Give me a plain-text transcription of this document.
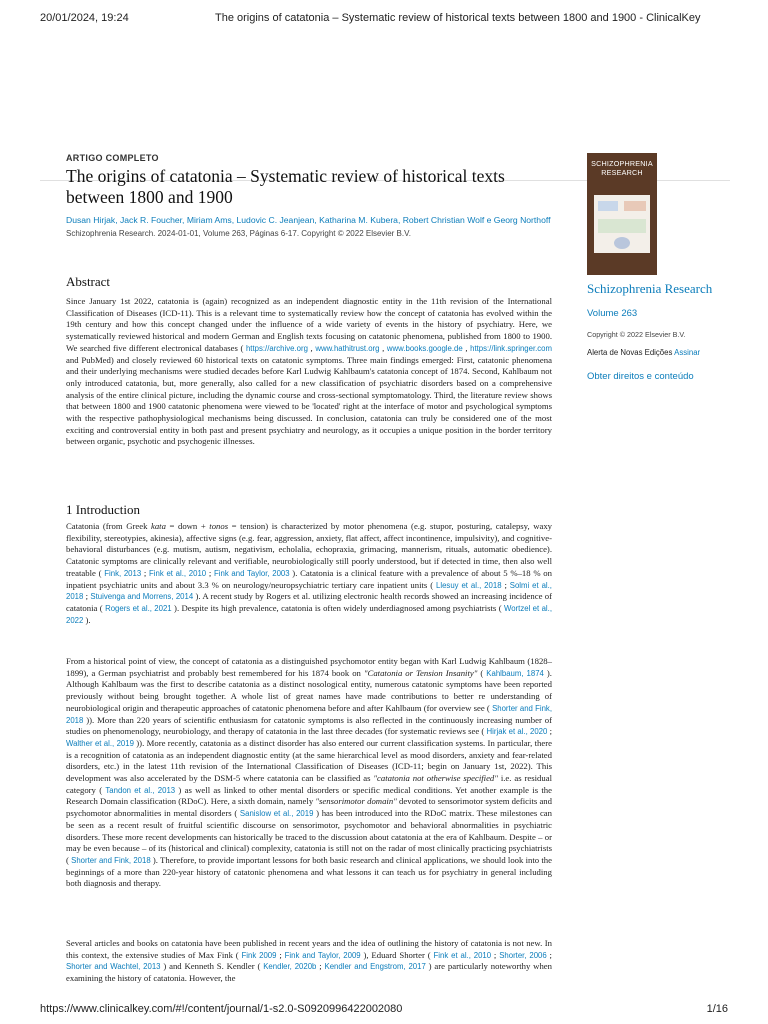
20/01/2024, 19:24	The origins of catatonia – Systematic review of historical texts between 1800 and 1900 - ClinicalKey
ARTIGO COMPLETO
The origins of catatonia – Systematic review of historical texts between 1800 and 1900
Dusan Hirjak, Jack R. Foucher, Miriam Ams, Ludovic C. Jeanjean, Katharina M. Kubera, Robert Christian Wolf e Georg Northoff
Schizophrenia Research. 2024-01-01, Volume 263, Páginas 6-17. Copyright © 2022 Elsevier B.V.
Abstract
Since January 1st 2022, catatonia is (again) recognized as an independent diagnostic entity in the 11th revision of the International Classification of Diseases (ICD-11). This is a relevant time to systematically review how the concept of catatonia has evolved within the 19th century and how this concept changed under the influence of a wide variety of events in the history of psychiatry. Here, we systematically reviewed historical and modern German and English texts focusing on catatonic phenomena, published from 1800 to 1900. We searched five different electronical databases ( https://archive.org , www.hathitrust.org , www.books.google.de , https://link.springer.com and PubMed) and closely reviewed 60 historical texts on catatonic symptoms. Three main findings emerged: First, catatonic phenomena and their underlying mechanisms were studied decades before Karl Ludwig Kahlbaum's catatonia concept of 1874. Second, Kahlbaum not only introduced catatonia, but, more generally, also called for a new classification of psychiatric disorders based on a comprehensive analysis of the entire clinical picture, including the dynamic course and cross-sectional symptomatology. Third, the literature review shows that between 1800 and 1900 catatonic phenomena were viewed to be 'located' right at the interface of motor and psychological symptoms with the respective pathophysiological mechanisms being discussed. In conclusion, catatonia can truly be considered one of the most exciting and controversial entity in both past and present psychiatry and neurology, as it occupies a unique position in the border territory between organic, psychotic and psychogenic illnesses.
1 Introduction
Catatonia (from Greek kata = down + tonos = tension) is characterized by motor phenomena (e.g. stupor, posturing, catalepsy, waxy flexibility, stereotypies, akinesia), affective signs (e.g. fear, aggression, anxiety, flat affect, affect incontinence, impulsivity), and cognitive-behavioral disturbances (e.g. mutism, autism, negativism, echolalia, echopraxia, grimacing, mannerism, rituals, automatic obedience). Catatonic symptoms are clinically relevant and verifiable, neurobiologically still poorly understood, but if detected in time, then also well treatable ( Fink, 2013 ; Fink et al., 2010 ; Fink and Taylor, 2003 ). Catatonia is a clinical feature with a prevalence of about 5 %–18 % on inpatient psychiatric units and about 3.3 % on neurology/neuropsychiatric tertiary care inpatient units ( Llesuy et al., 2018 ; Solmi et al., 2018 ; Stuivenga and Morrens, 2014 ). A recent study by Rogers et al. utilizing electronic health records showed an increasing incidence of catatonia ( Rogers et al., 2021 ). Despite its high prevalence, catatonia is often widely underdiagnosed among psychiatrists ( Wortzel et al., 2022 ).
From a historical point of view, the concept of catatonia as a distinguished psychomotor entity began with Karl Ludwig Kahlbaum (1828–1899), a German psychiatrist and probably best remembered for his 1874 book on "Catatonia or Tension Insanity" ( Kahlbaum, 1874 ). Although Kahlbaum was the first to describe catatonia as a distinct nosological entity, numerous catatonic symptoms have been reported previously without being brought together. A whole list of great names have made contributions to better re understanding of neurobiological origin and therapeutic approaches of catatonic phenomena before and after Kahlbaum (for overview see ( Shorter and Fink, 2018 )). More than 220 years of scientific enthusiasm for catatonic symptoms is also reflected in the continuously increasing number of studies on phenomenology, neurobiology, and therapy of catatonia in the last three decades (for systematic reviews see ( Hirjak et al., 2020 ; Walther et al., 2019 )). More recently, catatonia as a distinct disorder has also entered our current classification systems. In particular, there is a recognition of catatonia as an independent diagnostic entity (at the same hierarchical level as mood disorders, anxiety and fear-related disorders, etc.) in the latest 11th revision of the International Classification of Diseases (ICD-11; begin on January 1st, 2022). This development was also accelerated by the DSM-5 where catatonia can be classified as "catatonia not otherwise specified" i.e. as residual category ( Tandon et al., 2013 ) as well as linked to other mental disorders or specific medical conditions. Yet another example is the Research Domain classification (RDoC). Here, a sixth domain, namely "sensorimotor domain" devoted to sensorimotor system deficits and psychomotor abnormalities in mental disorders ( Sanislow et al., 2019 ) has been introduced into the RDoC matrix. These milestones can be seen as a recent result of fruitful scientific discourse on sensorimotor, psychomotor and behavioral abnormalities in psychiatric disorders. These more recent developments can historically be traced to the discussion about catatonia at the era of Kahlbaum. Despite – or may be even because – of its (historical and clinical) complexity, catatonia is still not on the radar of most clinically practicing psychiatrists ( Shorter and Fink, 2018 ). Therefore, to provide important lessons for both basic research and clinical applications, we should look into the beginnings of a more than 220-year history of catatonic phenomena and what lessons it can teach us for psychiatry in general including both diagnosis and therapy.
Several articles and books on catatonia have been published in recent years and the idea of outlining the history of catatonia is not new. In this context, the extensive studies of Max Fink ( Fink 2009 ; Fink and Taylor, 2009 ), Eduard Shorter ( Fink et al., 2010 ; Shorter, 2006 ; Shorter and Wachtel, 2013 ) and Kenneth S. Kendler ( Kendler, 2020b ; Kendler and Engstrom, 2017 ) are particularly noteworthy when examining the history of catatonia. However, the
SCHIZOPHRENIA RESEARCH
Schizophrenia Research
Volume 263
Copyright © 2022 Elsevier B.V.
Alerta de Novas Edições Assinar
Obter direitos e conteúdo
https://www.clinicalkey.com/#!/content/journal/1-s2.0-S0920996422002080	1/16
